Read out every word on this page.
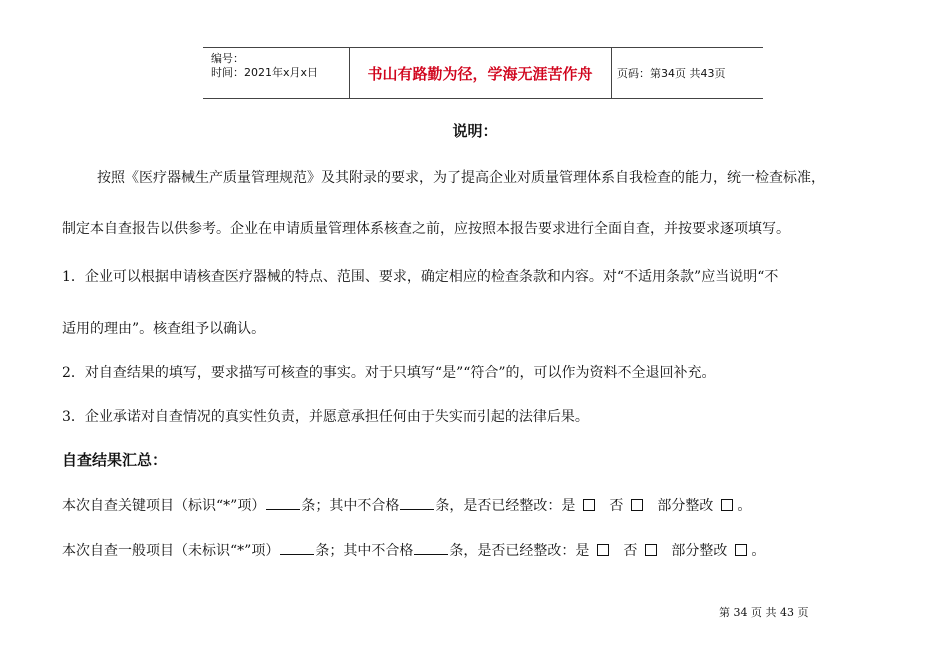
编号：
时间：2021年x月x日	书山有路勤为径，学海无涯苦作舟	页码：第34页 共43页
说明：
按照《医疗器械生产质量管理规范》及其附录的要求，为了提高企业对质量管理体系自我检查的能力，统一检查标准，
制定本自查报告以供参考。企业在申请质量管理体系核查之前，应按照本报告要求进行全面自查，并按要求逐项填写。
1．企业可以根据申请核查医疗器械的特点、范围、要求，确定相应的检查条款和内容。对“不适用条款”应当说明“不
适用的理由”。核查组予以确认。
2．对自查结果的填写，要求描写可核查的事实。对于只填写“是”“符合”的，可以作为资料不全退回补充。
3．企业承诺对自查情况的真实性负责，并愿意承担任何由于失实而引起的法律后果。
自查结果汇总：
本次自查关键项目（标识“*”项）	条；其中不合格	条，是否已经整改：是 否 部分整改 。
本次自查一般项目（未标识“*”项）	条；其中不合格	条，是否已经整改：是 否 部分整改 。
第 34 页 共 43 页
